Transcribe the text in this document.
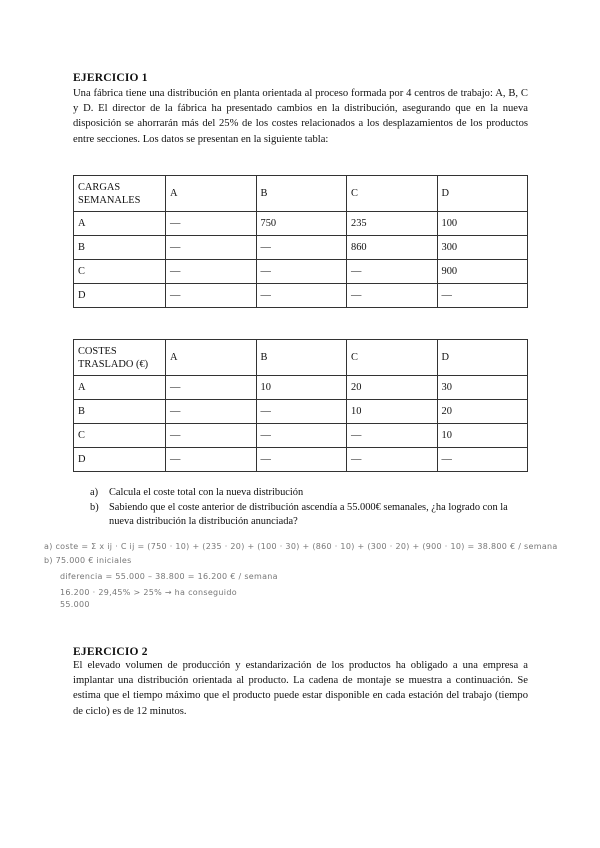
EJERCICIO 1

Una fábrica tiene una distribución en planta orientada al proceso formada por 4 centros de trabajo: A, B, C y D. El director de la fábrica ha presentado cambios en la distribución, asegurando que en la nueva disposición se ahorrarán más del 25% de los costes relacionados a los desplazamientos de los productos entre secciones. Los datos se presentan en la siguiente tabla:

CARGAS SEMANALES	A	B	C	D
A	—	750	235	100
B	—	—	860	300
C	—	—	—	900
D	—	—	—	—
COSTES TRASLADO (€)	A	B	C	D
A	—	10	20	30
B	—	—	10	20
C	—	—	—	10
D	—	—	—	—
a) Calcula el coste total con la nueva distribución
b) Sabiendo que el coste anterior de distribución ascendía a 55.000€ semanales, ¿ha logrado con la nueva distribución la distribución anunciada?
a) coste = Σ x ij · C ij = (750 · 10) + (235 · 20) + (100 · 30) + (860 · 10) + (300 · 20) + (900 · 10) = 38.800 € / semana
b) 75.000 € iniciales
diferencia = 55.000 – 38.800 = 16.200 € / semana
16.200 · 29,45% > 25% → ha conseguido
55.000
EJERCICIO 2

El elevado volumen de producción y estandarización de los productos ha obligado a una empresa a implantar una distribución orientada al producto. La cadena de montaje se muestra a continuación. Se estima que el tiempo máximo que el producto puede estar disponible en cada estación del trabajo (tiempo de ciclo) es de 12 minutos.
